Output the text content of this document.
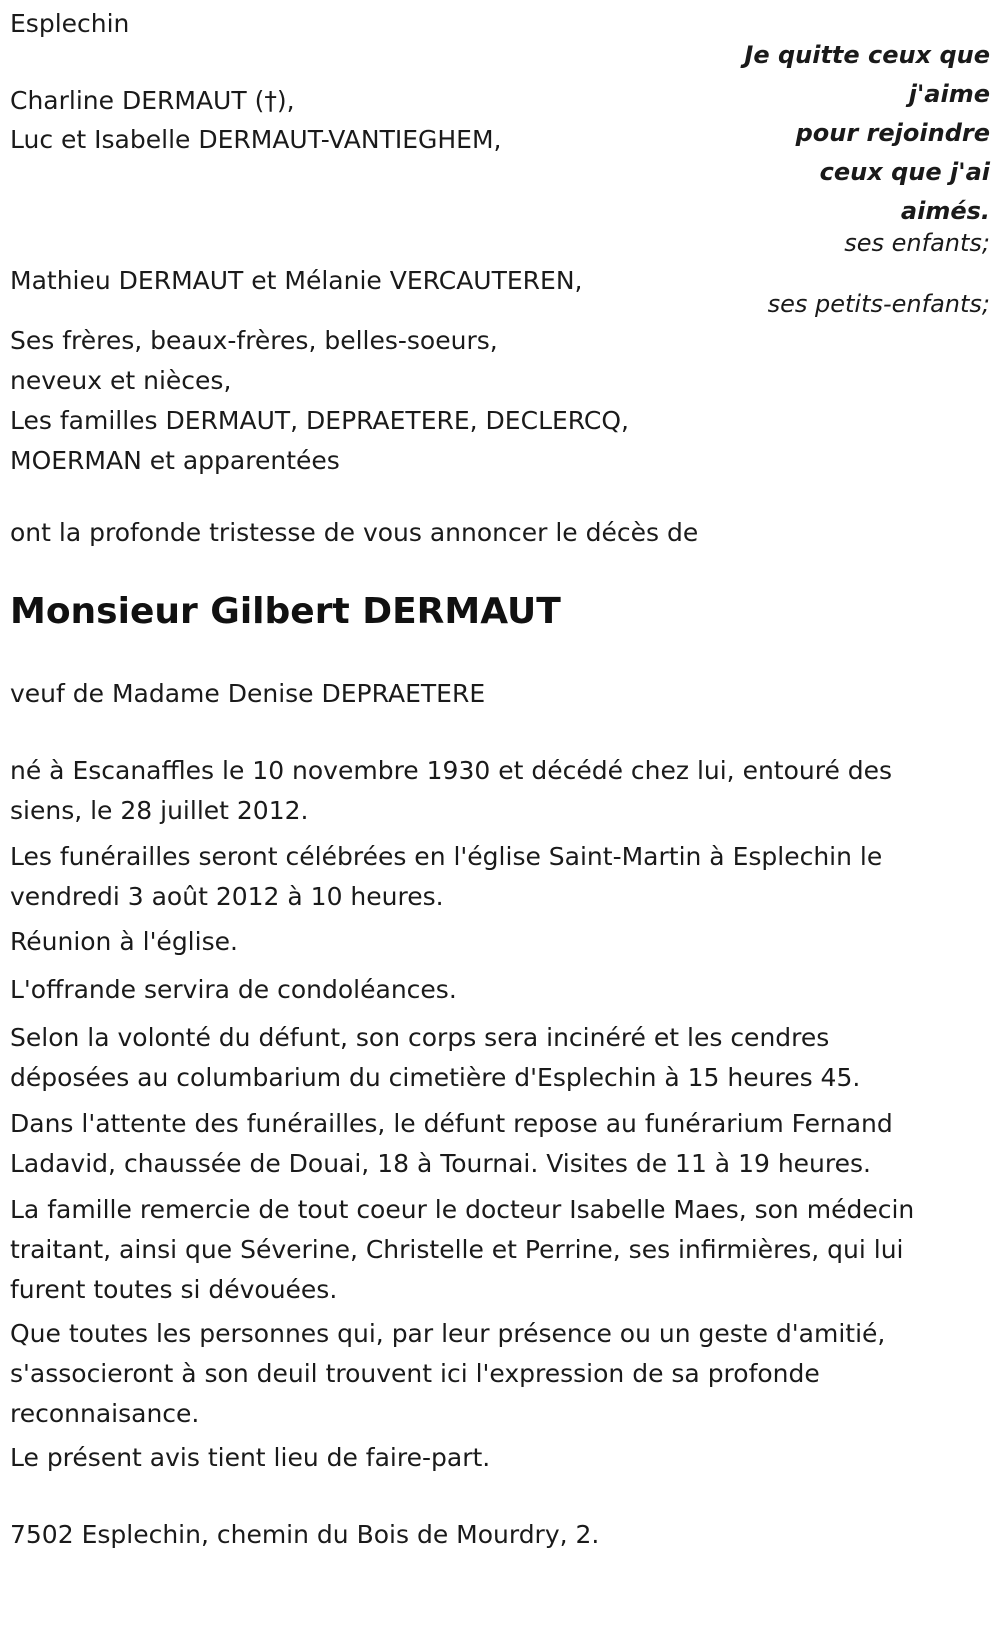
Esplechin
Je quitte ceux que
j'aime
pour rejoindre
ceux que j'ai
aimés.
Charline DERMAUT (†),
Luc et Isabelle DERMAUT-VANTIEGHEM,
ses enfants;
Mathieu DERMAUT et Mélanie VERCAUTEREN,
ses petits-enfants;
Ses frères, beaux-frères, belles-soeurs,
neveux et nièces,
Les familles DERMAUT, DEPRAETERE, DECLERCQ,
MOERMAN et apparentées
ont la profonde tristesse de vous annoncer le décès de
Monsieur Gilbert DERMAUT
veuf de Madame Denise DEPRAETERE
né à Escanaffles le 10 novembre 1930 et décédé chez lui, entouré des
siens, le 28 juillet 2012.
Les funérailles seront célébrées en l'église Saint-Martin à Esplechin le
vendredi 3 août 2012 à 10 heures.
Réunion à l'église.
L'offrande servira de condoléances.
Selon la volonté du défunt, son corps sera incinéré et les cendres
déposées au columbarium du cimetière d'Esplechin à 15 heures 45.
Dans l'attente des funérailles, le défunt repose au funérarium Fernand
Ladavid, chaussée de Douai, 18 à Tournai. Visites de 11 à 19 heures.
La famille remercie de tout coeur le docteur Isabelle Maes, son médecin
traitant, ainsi que Séverine, Christelle et Perrine, ses infirmières, qui lui
furent toutes si dévouées.
Que toutes les personnes qui, par leur présence ou un geste d'amitié,
s'associeront à son deuil trouvent ici l'expression de sa profonde
reconnaisance.
Le présent avis tient lieu de faire-part.
7502 Esplechin, chemin du Bois de Mourdry, 2.
